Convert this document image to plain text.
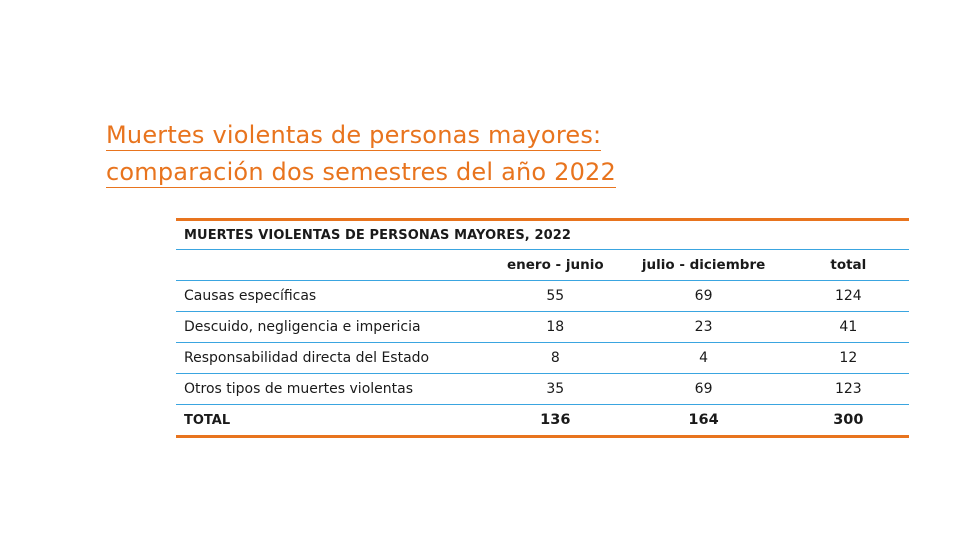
Muertes violentas de personas mayores:
comparación dos semestres del año 2022
MUERTES VIOLENTAS DE PERSONAS MAYORES, 2022			
	enero - junio	julio - diciembre	total
Causas específicas	55	69	124
Descuido, negligencia e impericia	18	23	41
Responsabilidad directa del Estado	8	4	12
Otros tipos de muertes violentas	35	69	123
TOTAL	136	164	300
